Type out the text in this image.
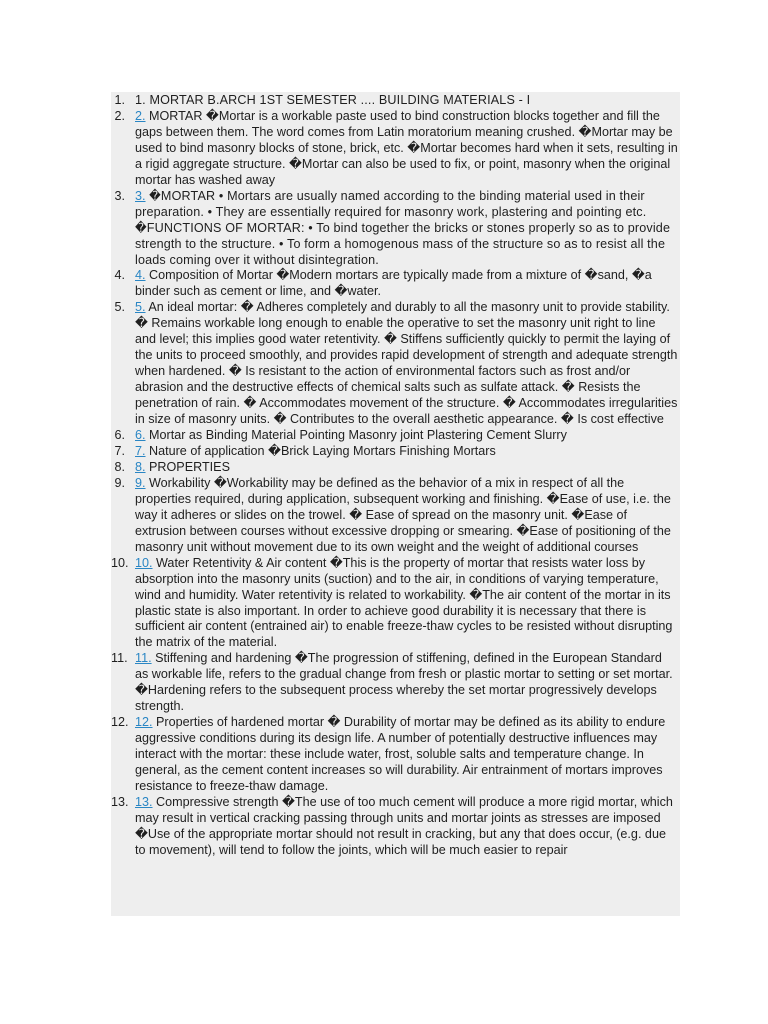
1 . 1. MORTAR B.ARCH 1ST SEMESTER .... BUILDING MATERIALS - I
2 . 2. MORTAR �Mortar is a workable paste used to bind construction blocks together and fill the gaps between them. The word comes from Latin moratorium meaning crushed. �Mortar may be used to bind masonry blocks of stone, brick, etc. �Mortar becomes hard when it sets, resulting in a rigid aggregate structure. �Mortar can also be used to fix, or point, masonry when the original mortar has washed away
3 . 3. �MORTAR • Mortars are usually named according to the binding material used in their preparation. • They are essentially required for masonry work, plastering and pointing etc. �FUNCTIONS OF MORTAR: • To bind together the bricks or stones properly so as to provide strength to the structure. • To form a homogenous mass of the structure so as to resist all the loads coming over it without disintegration.
4 . 4. Composition of Mortar �Modern mortars are typically made from a mixture of �sand, �a binder such as cement or lime, and �water.
5 . 5. An ideal mortar: � Adheres completely and durably to all the masonry unit to provide stability. � Remains workable long enough to enable the operative to set the masonry unit right to line and level; this implies good water retentivity. � Stiffens sufficiently quickly to permit the laying of the units to proceed smoothly, and provides rapid development of strength and adequate strength when hardened. � Is resistant to the action of environmental factors such as frost and/or abrasion and the destructive effects of chemical salts such as sulfate attack. � Resists the penetration of rain. � Accommodates movement of the structure. � Accommodates irregularities in size of masonry units. � Contributes to the overall aesthetic appearance. � Is cost effective
6 . 6. Mortar as Binding Material Pointing Masonry joint Plastering Cement Slurry
7 . 7. Nature of application �Brick Laying Mortars Finishing Mortars
8 . 8. PROPERTIES
9 . 9. Workability �Workability may be defined as the behavior of a mix in respect of all the properties required, during application, subsequent working and finishing. �Ease of use, i.e. the way it adheres or slides on the trowel. � Ease of spread on the masonry unit. �Ease of extrusion between courses without excessive dropping or smearing. �Ease of positioning of the masonry unit without movement due to its own weight and the weight of additional courses
10 . 10. Water Retentivity & Air content �This is the property of mortar that resists water loss by absorption into the masonry units (suction) and to the air, in conditions of varying temperature, wind and humidity. Water retentivity is related to workability. �The air content of the mortar in its plastic state is also important. In order to achieve good durability it is necessary that there is sufficient air content (entrained air) to enable freeze-thaw cycles to be resisted without disrupting the matrix of the material.
11 . 11. Stiffening and hardening �The progression of stiffening, defined in the European Standard as workable life, refers to the gradual change from fresh or plastic mortar to setting or set mortar. �Hardening refers to the subsequent process whereby the set mortar progressively develops strength.
12 . 12. Properties of hardened mortar � Durability of mortar may be defined as its ability to endure aggressive conditions during its design life. A number of potentially destructive influences may interact with the mortar: these include water, frost, soluble salts and temperature change. In general, as the cement content increases so will durability. Air entrainment of mortars improves resistance to freeze-thaw damage.
13 . 13. Compressive strength �The use of too much cement will produce a more rigid mortar, which may result in vertical cracking passing through units and mortar joints as stresses are imposed �Use of the appropriate mortar should not result in cracking, but any that does occur, (e.g. due to movement), will tend to follow the joints, which will be much easier to repair
